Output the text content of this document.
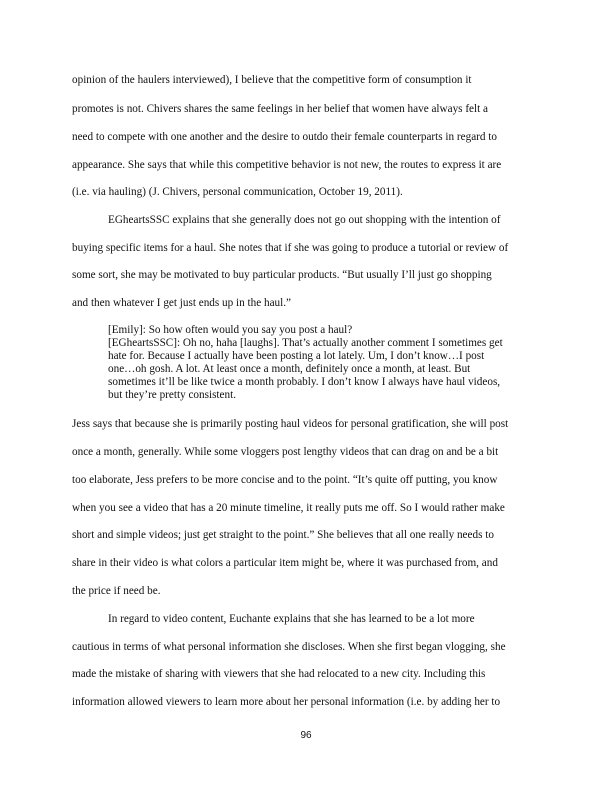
opinion of the haulers interviewed), I believe that the competitive form of consumption it
promotes is not. Chivers shares the same feelings in her belief that women have always felt a
need to compete with one another and the desire to outdo their female counterparts in regard to
appearance. She says that while this competitive behavior is not new, the routes to express it are
(i.e. via hauling) (J. Chivers, personal communication, October 19, 2011).
EGheartsSSC explains that she generally does not go out shopping with the intention of
buying specific items for a haul. She notes that if she was going to produce a tutorial or review of
some sort, she may be motivated to buy particular products. “But usually I’ll just go shopping
and then whatever I get just ends up in the haul.”
[Emily]: So how often would you say you post a haul?
[EGheartsSSC]: Oh no, haha [laughs]. That’s actually another comment I sometimes get
hate for. Because I actually have been posting a lot lately. Um, I don’t know…I post
one…oh gosh. A lot. At least once a month, definitely once a month, at least. But
sometimes it’ll be like twice a month probably. I don’t know I always have haul videos,
but they’re pretty consistent.
Jess says that because she is primarily posting haul videos for personal gratification, she will post
once a month, generally. While some vloggers post lengthy videos that can drag on and be a bit
too elaborate, Jess prefers to be more concise and to the point. “It’s quite off putting, you know
when you see a video that has a 20 minute timeline, it really puts me off. So I would rather make
short and simple videos; just get straight to the point.” She believes that all one really needs to
share in their video is what colors a particular item might be, where it was purchased from, and
the price if need be.
In regard to video content, Euchante explains that she has learned to be a lot more
cautious in terms of what personal information she discloses. When she first began vlogging, she
made the mistake of sharing with viewers that she had relocated to a new city. Including this
information allowed viewers to learn more about her personal information (i.e. by adding her to
96
